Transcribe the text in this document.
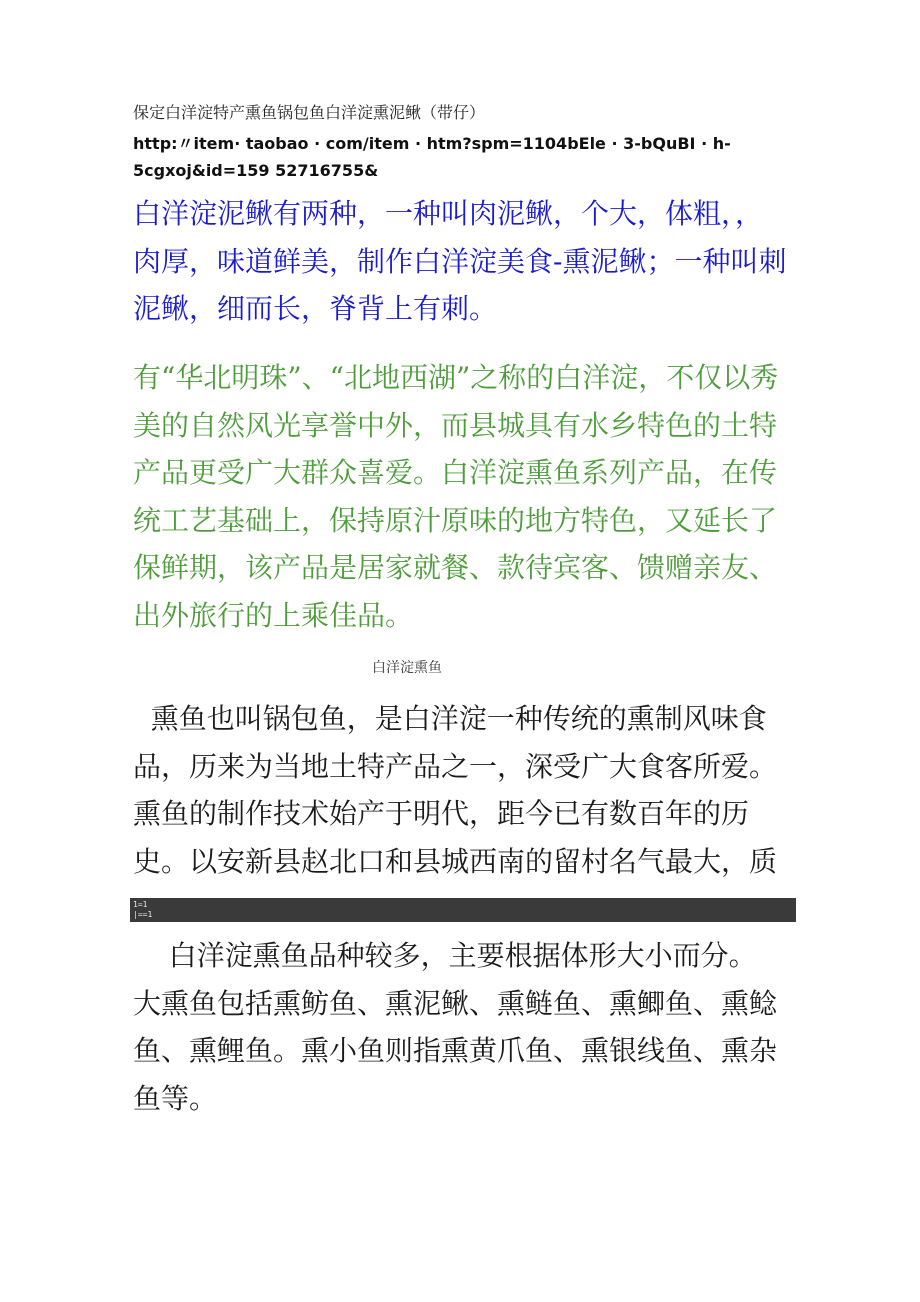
保定白洋淀特产熏鱼锅包鱼白洋淀熏泥鳅（带仔）
http:〃item· taobao · com/item · htm?spm=1104bEle · 3-bQuBI · h-
5cgxoj&id=159 52716755&
白洋淀泥鳅有两种，一种叫肉泥鳅，个大，体粗，，
肉厚，味道鲜美，制作白洋淀美食-熏泥鳅；一种叫刺
泥鳅，细而长，脊背上有刺。
有“华北明珠”、“北地西湖”之称的白洋淀，不仅以秀
美的自然风光享誉中外，而县城具有水乡特色的土特
产品更受广大群众喜爱。白洋淀熏鱼系列产品，在传
统工艺基础上，保持原汁原味的地方特色，又延长了
保鲜期，该产品是居家就餐、款待宾客、馈赠亲友、
出外旅行的上乘佳品。
白洋淀熏鱼
熏鱼也叫锅包鱼，是白洋淀一种传统的熏制风味食
品，历来为当地土特产品之一，深受广大食客所爱。
熏鱼的制作技术始产于明代，距今已有数百年的历
史。以安新县赵北口和县城西南的留村名气最大，质
1=1
|==1
白洋淀熏鱼品种较多，主要根据体形大小而分。
大熏鱼包括熏鲂鱼、熏泥鳅、熏鲢鱼、熏鲫鱼、熏鲶
鱼、熏鲤鱼。熏小鱼则指熏黄爪鱼、熏银线鱼、熏杂
鱼等。
